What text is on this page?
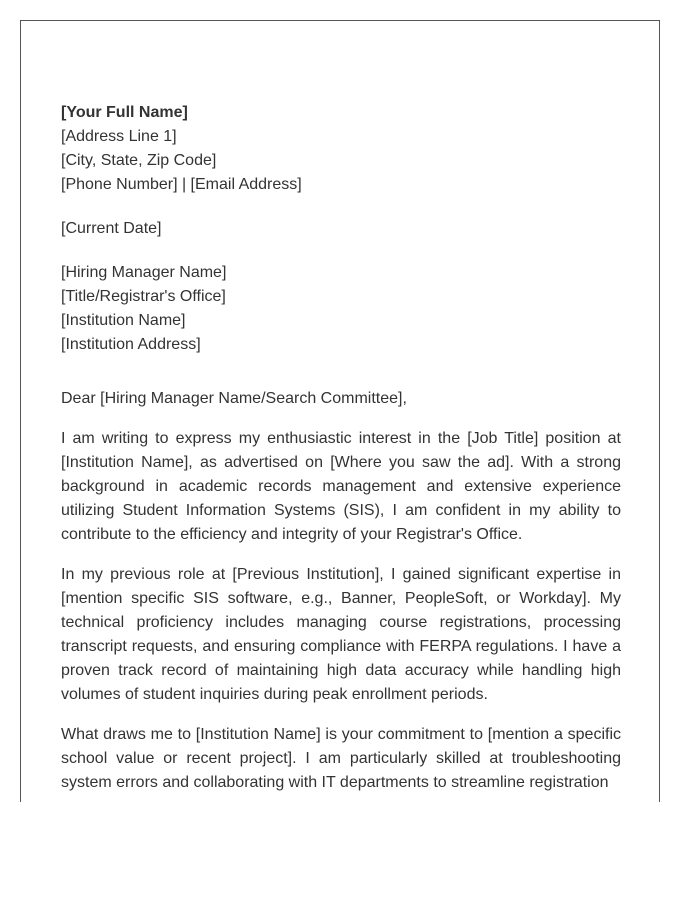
[Your Full Name]
[Address Line 1]
[City, State, Zip Code]
[Phone Number] | [Email Address]
[Current Date]
[Hiring Manager Name]
[Title/Registrar's Office]
[Institution Name]
[Institution Address]
Dear [Hiring Manager Name/Search Committee],

I am writing to express my enthusiastic interest in the [Job Title] position at [Institution Name], as advertised on [Where you saw the ad]. With a strong background in academic records management and extensive experience utilizing Student Information Systems (SIS), I am confident in my ability to contribute to the efficiency and integrity of your Registrar's Office.

In my previous role at [Previous Institution], I gained significant expertise in [mention specific SIS software, e.g., Banner, PeopleSoft, or Workday]. My technical proficiency includes managing course registrations, processing transcript requests, and ensuring compliance with FERPA regulations. I have a proven track record of maintaining high data accuracy while handling high volumes of student inquiries during peak enrollment periods.

What draws me to [Institution Name] is your commitment to [mention a specific school value or recent project]. I am particularly skilled at troubleshooting system errors and collaborating with IT departments to streamline registration
